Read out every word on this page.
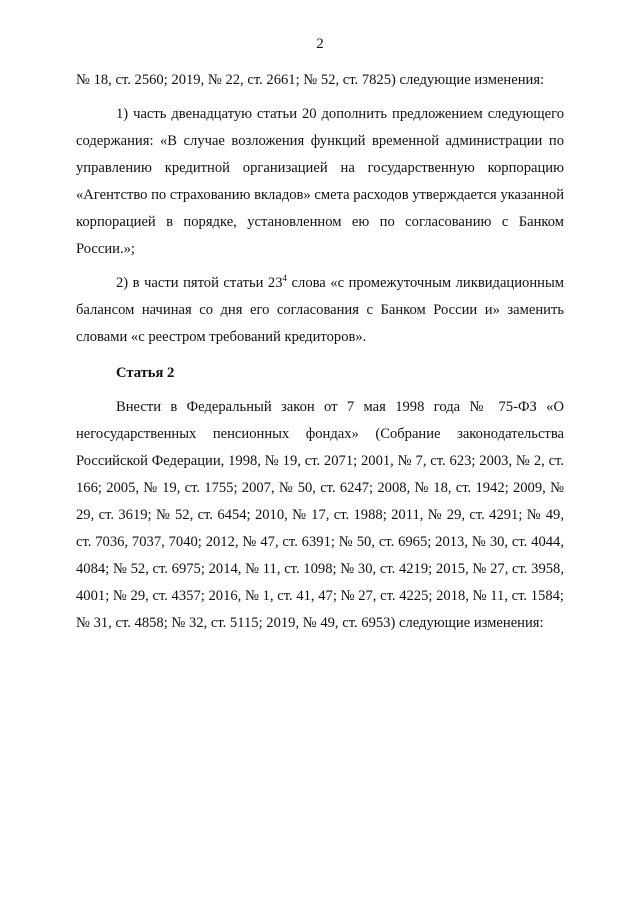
2

№ 18, ст. 2560; 2019, № 22, ст. 2661; № 52, ст. 7825) следующие изменения:

1) часть двенадцатую статьи 20 дополнить предложением следующего содержания: «В случае возложения функций временной администрации по управлению кредитной организацией на государственную корпорацию «Агентство по страхованию вкладов» смета расходов утверждается указанной корпорацией в порядке, установленном ею по согласованию с Банком России.»;

2) в части пятой статьи $23^4$ слова «с промежуточным ликвидационным балансом начиная со дня его согласования с Банком России и» заменить словами «с реестром требований кредиторов».

Статья 2

Внести в Федеральный закон от 7 мая 1998 года № 75-ФЗ «О негосударственных пенсионных фондах» (Собрание законодательства Российской Федерации, 1998, № 19, ст. 2071; 2001, № 7, ст. 623; 2003, № 2, ст. 166; 2005, № 19, ст. 1755; 2007, № 50, ст. 6247; 2008, № 18, ст. 1942; 2009, № 29, ст. 3619; № 52, ст. 6454; 2010, № 17, ст. 1988; 2011, № 29, ст. 4291; № 49, ст. 7036, 7037, 7040; 2012, № 47, ст. 6391; № 50, ст. 6965; 2013, № 30, ст. 4044, 4084; № 52, ст. 6975; 2014, № 11, ст. 1098; № 30, ст. 4219; 2015, № 27, ст. 3958, 4001; № 29, ст. 4357; 2016, № 1, ст. 41, 47; № 27, ст. 4225; 2018, № 11, ст. 1584; № 31, ст. 4858; № 32, ст. 5115; 2019, № 49, ст. 6953) следующие изменения:
